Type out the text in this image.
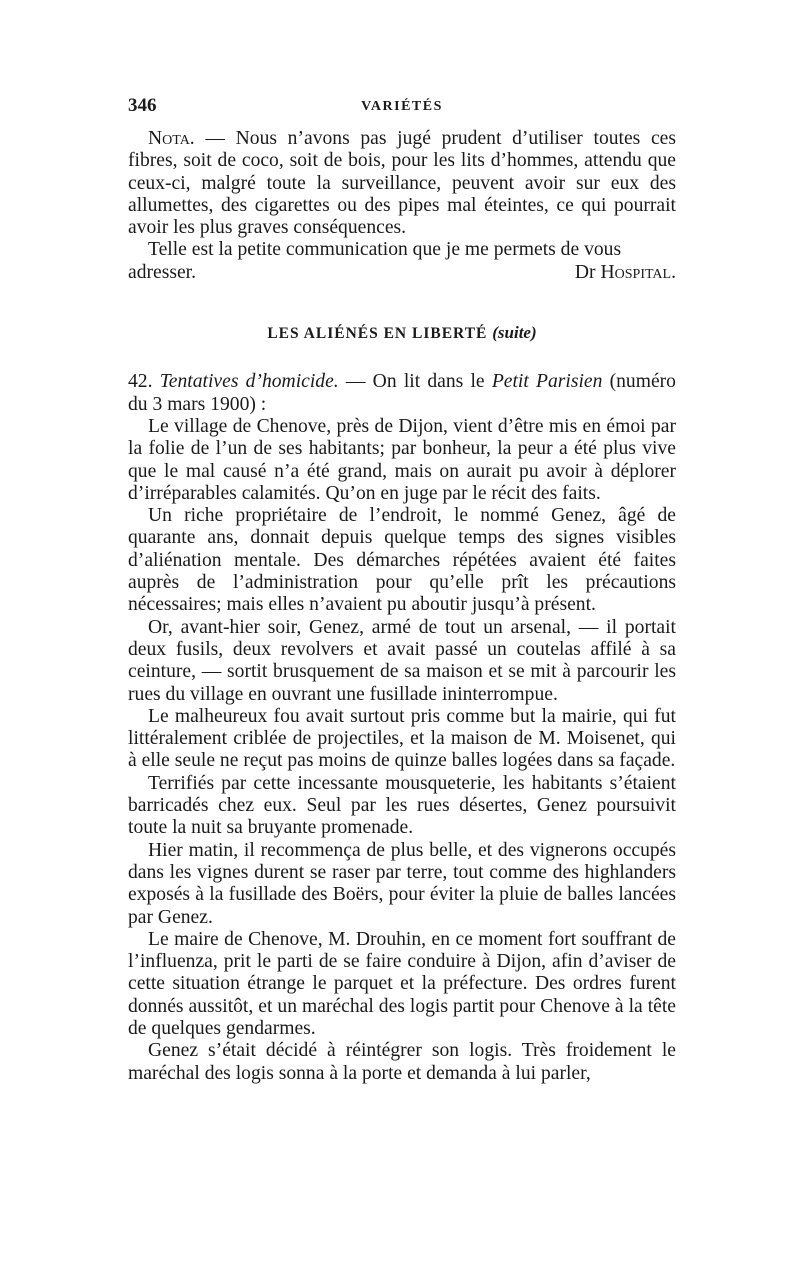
346	VARIÉTÉS

Nota. — Nous n’avons pas jugé prudent d’utiliser toutes ces fibres, soit de coco, soit de bois, pour les lits d’hommes, attendu que ceux-ci, malgré toute la surveillance, peuvent avoir sur eux des allumettes, des cigarettes ou des pipes mal éteintes, ce qui pourrait avoir les plus graves conséquences.

Telle est la petite communication que je me permets de vous

adresser.	Dr Hospital.

LES ALIÉNÉS EN LIBERTÉ (suite)

42. Tentatives d’homicide. — On lit dans le Petit Parisien (numéro du 3 mars 1900) :

Le village de Chenove, près de Dijon, vient d’être mis en émoi par la folie de l’un de ses habitants; par bonheur, la peur a été plus vive que le mal causé n’a été grand, mais on aurait pu avoir à déplorer d’irréparables calamités. Qu’on en juge par le récit des faits.

Un riche propriétaire de l’endroit, le nommé Genez, âgé de quarante ans, donnait depuis quelque temps des signes visibles d’aliénation mentale. Des démarches répétées avaient été faites auprès de l’administration pour qu’elle prît les précautions nécessaires; mais elles n’avaient pu aboutir jusqu’à présent.

Or, avant-hier soir, Genez, armé de tout un arsenal, — il portait deux fusils, deux revolvers et avait passé un coutelas affilé à sa ceinture, — sortit brusquement de sa maison et se mit à parcourir les rues du village en ouvrant une fusillade ininterrompue.

Le malheureux fou avait surtout pris comme but la mairie, qui fut littéralement criblée de projectiles, et la maison de M. Moisenet, qui à elle seule ne reçut pas moins de quinze balles logées dans sa façade.

Terrifiés par cette incessante mousqueterie, les habitants s’étaient barricadés chez eux. Seul par les rues désertes, Genez poursuivit toute la nuit sa bruyante promenade.

Hier matin, il recommença de plus belle, et des vignerons occupés dans les vignes durent se raser par terre, tout comme des highlanders exposés à la fusillade des Boërs, pour éviter la pluie de balles lancées par Genez.

Le maire de Chenove, M. Drouhin, en ce moment fort souffrant de l’influenza, prit le parti de se faire conduire à Dijon, afin d’aviser de cette situation étrange le parquet et la préfecture. Des ordres furent donnés aussitôt, et un maréchal des logis partit pour Chenove à la tête de quelques gendarmes.

Genez s’était décidé à réintégrer son logis. Très froidement le maréchal des logis sonna à la porte et demanda à lui parler,
